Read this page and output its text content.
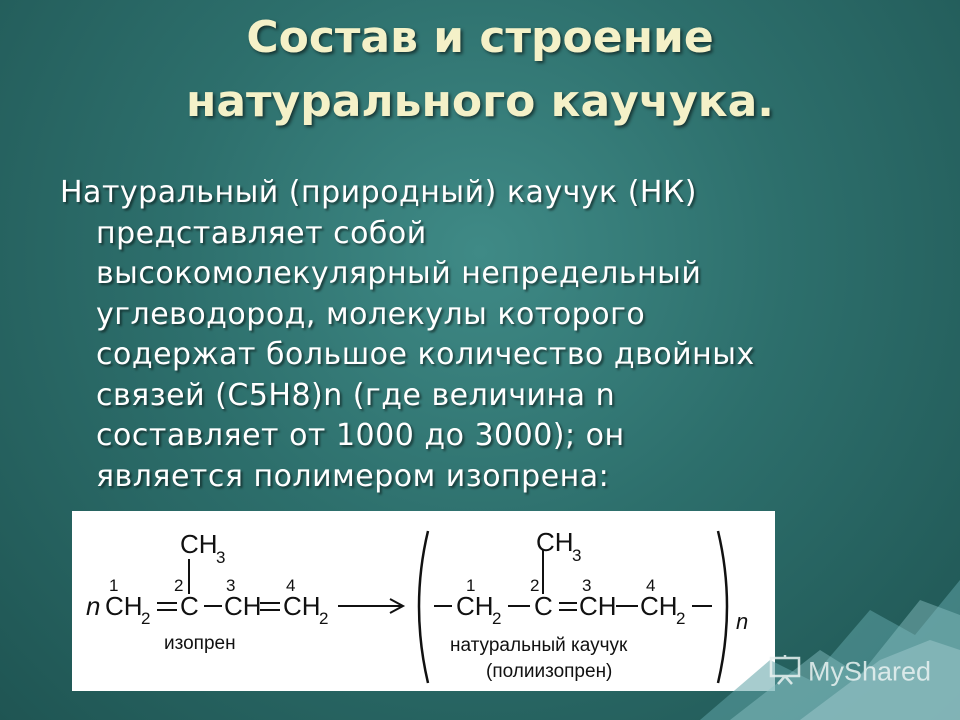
Состав и строение
натурального каучука.
Натуральный (природный) каучук (НК)
представляет собой
высокомолекулярный непредельный
углеводород, молекулы которого
содержат большое количество двойных
связей (C5H8)n (где величина n
составляет от 1000 до 3000); он
является полимером изопрена:
n
1
CH
2
2
C
CH
3
3
CH
4
CH
2
изопрен
1
CH
2
2
C
CH
3
3
CH
4
CH
2 n
натуральный каучук
(полиизопрен)	MyShared
